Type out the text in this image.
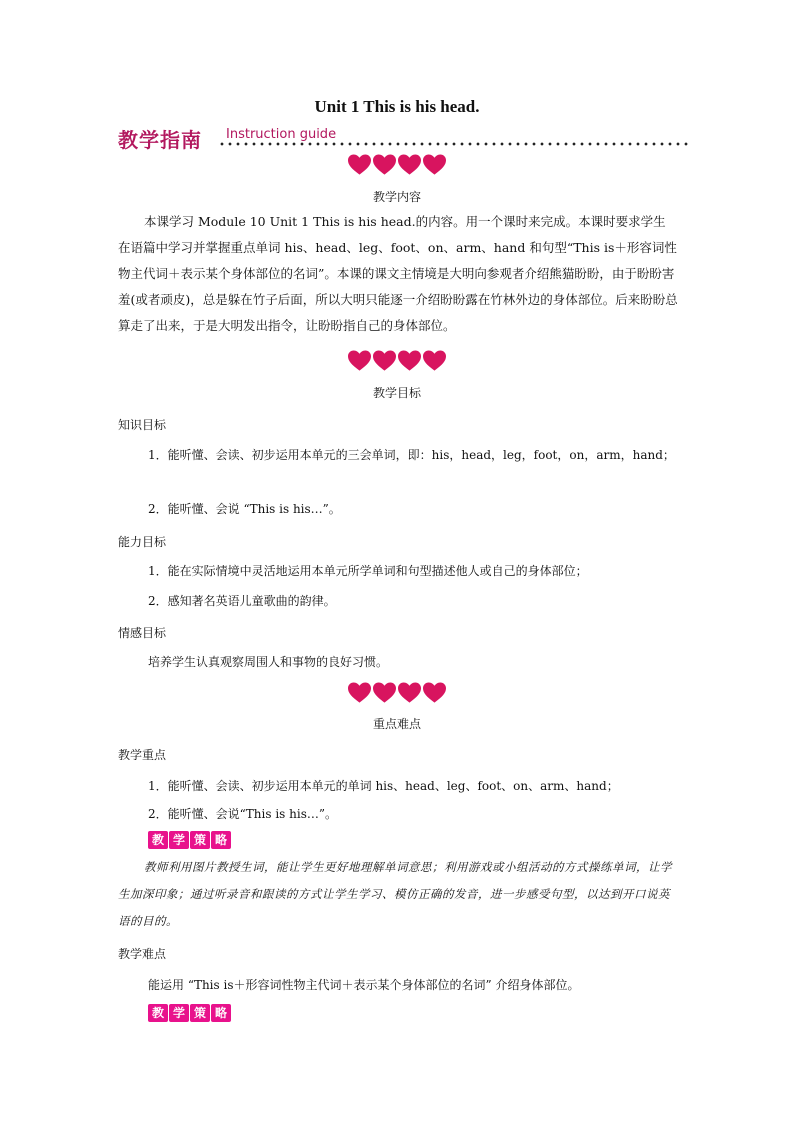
Unit 1 This is his head.
教学指南 Instruction guide
教学内容
本课学习 Module 10 Unit 1 This is his head.的内容。用一个课时来完成。本课时要求学生在语篇中学习并掌握重点单词 his、head、leg、foot、on、arm、hand 和句型“This is＋形容词性物主代词＋表示某个身体部位的名词”。本课的课文主情境是大明向参观者介绍熊猫盼盼，由于盼盼害羞(或者顽皮)，总是躲在竹子后面，所以大明只能逐一介绍盼盼露在竹林外边的身体部位。后来盼盼总算走了出来，于是大明发出指令，让盼盼指自己的身体部位。
教学目标
知识目标
1．能听懂、会读、初步运用本单元的三会单词，即：his，head，leg，foot，on，arm，hand；
2．能听懂、会说 “This is his…”。
能力目标
1．能在实际情境中灵活地运用本单元所学单词和句型描述他人或自己的身体部位；
2．感知著名英语儿童歌曲的韵律。
情感目标
培养学生认真观察周围人和事物的良好习惯。
重点难点
教学重点
1．能听懂、会读、初步运用本单元的单词 his、head、leg、foot、on、arm、hand；
2．能听懂、会说“This is his…”。
教 学 策 略
教师利用图片教授生词，能让学生更好地理解单词意思；利用游戏或小组活动的方式操练单词，让学生加深印象；通过听录音和跟读的方式让学生学习、模仿正确的发音，进一步感受句型，以达到开口说英语的目的。
教学难点
能运用 “This is＋形容词性物主代词＋表示某个身体部位的名词” 介绍身体部位。
教 学 策 略
